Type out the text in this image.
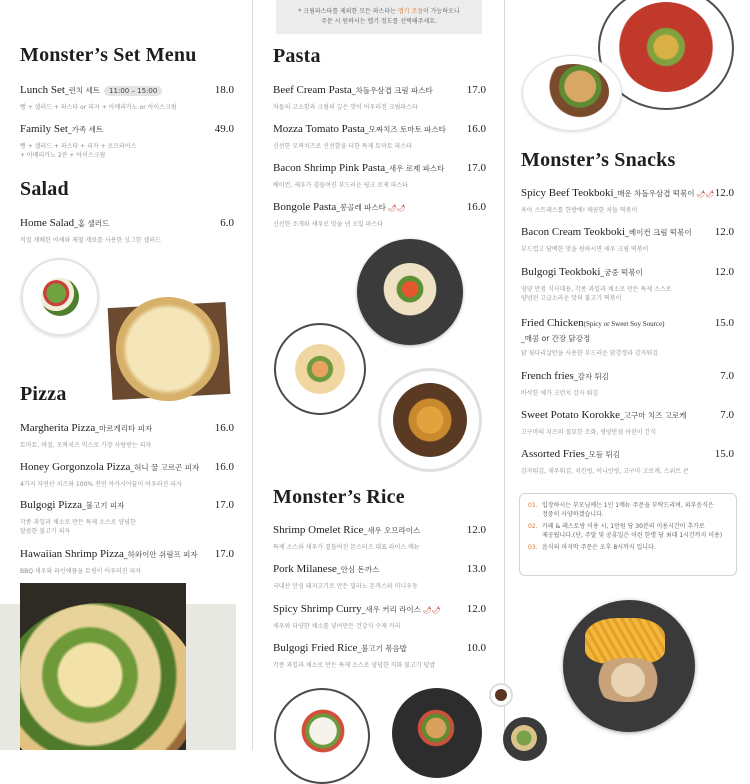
Monster’s Set Menu
Lunch Set_런치 세트 11:00 – 15:00	18.0
빵 + 샐러드 + 파스타 or 피자 + 아메리카노 or 아이스크림
Family Set_가족 세트	49.0
빵 + 샐러드 + 파스타 + 피자 + 오므라이스
+ 아메리카노 2잔 + 아이스크림
Salad
Home Salad_홈 샐러드	6.0
직접 재배한 야채와 제철 재료를 사용한 싱그한 샐러드
Pizza
Margherita Pizza_마르게리타 피자	16.0
토마토, 바질, 모짜치즈 믹스로 가장 사랑받는 피자
Honey Gorgonzola Pizza_허니 꿀 고르곤 피자 16.0
4가지 자연산 치즈와 100% 천연 아카시아꿀이 어우러진 피자
Bulgogi Pizza_불고기 피자	17.0
각종 과일과 채소로 만든 특제 소스로 양념한
달콤한 불고기 피자
Hawaiian Shrimp Pizza_하와이안 쉬림프 피자 17.0
BBQ 새우와 파인애플을 토핑이 어우러진 피자

* 크림파스타를 제외한 모든 파스타는 맵기 조절이 가능하오니
주문 시 원하시는 맵기 정도를 선택해주세요.

Pasta
Beef Cream Pasta_차돌우삼겹 크림 파스타	17.0
차돌의 고소함과 크림의 깊은 맛이 어우러진 크림파스타
Mozza Tomato Pasta_모짜치즈 토마토 파스타 16.0
신선한 모짜치즈로 신선함을 더한 특제 토마토 파스타
Bacon Shrimp Pink Pasta_새우 로제 파스타 17.0
베이컨, 새우가 곁들여진 부드러운 핑크 로제 파스타
Bongole Pasta_봉골레 파스타 🌶🌶	16.0
신선한 조개와 새우로 맛을 낸 오일 파스타
Monster’s Rice
Shrimp Omelet Rice_새우 오므라이스	12.0
특제 소스와 새우가 곁들여진 몬스터즈 대표 라이스 메뉴
Pork Milanese_안심 돈까스	13.0
국내산 안심 돼지고기로 만든 밀라노 돈까스와 미니우동
Spicy Shrimp Curry_새우 커리 라이스 🌶🌶 12.0
새우와 다양한 채소를 넣어만든 건강식 수제 커리
Bulgogi Fried Rice_불고기 볶음밥	10.0
각종 과일과 채소로 만든 특제 소스로 양념한 직화 불고기 덮밥
Monster’s Snacks
Spicy Beef Teokboki_매운 차돌우삼겹 떡볶이 🌶🌶 12.0
육아 스트레스를 한방에! 매콤한 차돌 떡볶이
Bacon Cream Teokboki_베이컨 크림 떡볶이 12.0
부드럽고 담백한 맛을 원하시면 새우 크림 떡볶이
Bulgogi Teokboki_궁중 떡볶이	12.0
영양 만점 식사대용, 각종 과일과 채소로 만든 특제 소스로
양념된 고급소라운 맛의 불고기 떡볶이
Fried Chicken(Spicy or Sweet Soy Source)	15.0
_매콤 or 간장 닭강정
닭 뒷다리살만을 사용한 부드러운 닭강정과 감자튀김
French fries_감자 튀김	7.0
바삭한 체가 크런치 감자 튀김
Sweet Potato Korokke_고구마 치즈 고로케	7.0
고구마의 치즈의 절묘한 조화, 영양만점 어린이 간식
Assorted Fries_모듬 튀김	15.0
감자튀김, 새우튀김, 치킨링, 어니언링, 고구마 고로케, 스위트 콘
01. 입장하시는 부모님께는 1인 1메뉴 주문을 부탁드리며, 외부음식은
정중히 사양하겠습니다.
02. 카페 & 레스토랑 이용 시, 1만원 당 30분의 이용시간이 추가로
제공됩니다.(단, 주말 및 공휴일은 어린 한명 당 최대 1시간까지 이용)
03. 음식의 마지막 주문은 오후 8시까지 입니다.
